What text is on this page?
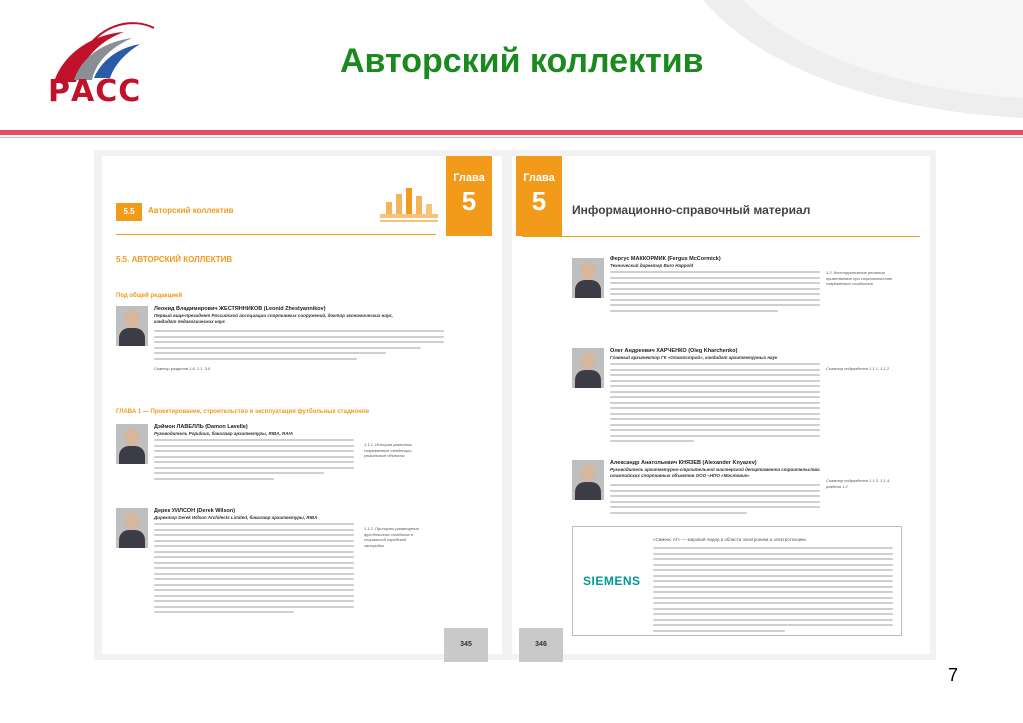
РАСС
Авторский коллектив
Глава
5
5.5	Авторский коллектив
5.5. АВТОРСКИЙ КОЛЛЕКТИВ
Под общей редакцией
Леонид Владимирович ЖЕСТЯННИКОВ (Leonid Zhestyannikov)
Первый вице-президент Российской ассоциации спортивных сооружений, доктор экономических наук, кандидат педагогических наук
Соавтор разделов 1.6, 2.1, 3.5
ГЛАВА 1 — Проектирование, строительство и эксплуатация футбольных стадионов
Дэймон ЛАВЕЛЛЬ (Damon Lavelle)
Руководитель Populous, бакалавр архитектуры, RIBA, RAIA
1.1.1. История развития, современные тенденции, уникальные объекты
Дерек УИЛСОН (Derek Wilson)
Директор Derek Wilson Architects Limited, бакалавр архитектуры, RIBA
1.1.2. Принципы размещения футбольного стадиона в социальной городской застройки
Глава
5	Информационно-справочный материал
Фергус МАККОРМИК (Fergus McCormick)
Технический директор Buro Happold
1.2. Конструктивные решения, применяемые при строительстве современных стадионов
Олег Андреевич ХАРЧЕНКО (Oleg Kharchenko)
Главный архитектор ГК «Олимпстрой», кандидат архитектурных наук
Соавтор подразделов 1.1.1, 1.1.2
Александр Анатольевич КНЯЗЕВ (Alexander Knyazev)
Руководитель архитектурно-строительной мастерской департамента строительства олимпийских спортивных объектов ООО «НПО «Мостовик»
Соавтор подразделов 1.1.3, 1.1.4, раздела 1.2
SIEMENS
«Сименс АГ» — мировой лидер в области электроники и электротехники.
345	346
7
